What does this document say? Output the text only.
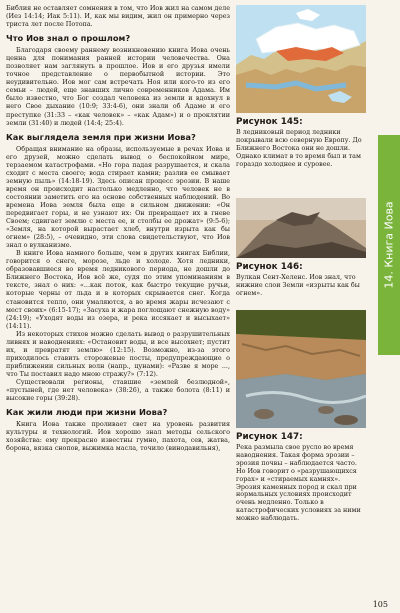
Библия не оставляет сомнения в том, что Иов жил на самом деле (Иез 14:14; Иак 5:11). И, как мы видим, жил он примерно через триста лет после Потопа.

Что Иов знал о прошлом?

Благодаря своему раннему возникновению книга Иова очень ценна для понимания ранней истории человечества. Она позволяет нам заглянуть в прошлое. Иов и его друзья имели точное представление о первобытной истории. Это неудивительно. Иов мог сам встречать Ноя или кого-то из его семьи – людей, еще знавших лично современников Адама. Им было известно, что Бог создал человека из земли и вдохнул в него Свое дыхание (10:9; 33:4-6), они знали об Адаме и его преступке (31:33 – «как человек» – «как Адам») и о проклятии земли (31:40) и людей (14:4; 25:4).

Как выглядела земля при жизни Иова?

Обращая внимание на образы, используемые в речах Иова и его друзей, можно сделать вывод о беспокойном мире, терзаемом катастрофами. «Но гора падая разрушается, и скала сходит с места своего; вода стирает камни; разлив ее смывает земную пыль» (14:18-19). Здесь описан процесс эрозии. В наше время он происходит настолько медленно, что человек не в состоянии заметить его на основе собственных наблюдений. Во времена Иова земля была еще в сильном движении: «Он передвигает горы, и не узнают их: Он превращает их в гневе Своем; сдвигает землю с места ее, и столбы ее дрожат» (9:5-6); «Земля, на которой вырастает хлеб, внутри изрыта как бы огнем» (28:5), – очевидно, эти слова свидетельствуют, что Иов знал о вулканизме.

В книге Иова намного больше, чем в других книгах Библии, говорится о снеге, морозе, льде и холоде. Хотя ледники, образовавшиеся во время ледникового периода, не дошли до Ближнего Востока, Иов всё же, судя по этим упоминаниям в тексте, знал о них: «...как поток, как быстро текущие ручьи, которые черны от льда и в которых скрывается снег. Когда становится тепло, они умаляются, а во время жары исчезают с мест своих» (6:15-17); «Засуха и жара поглощают снежную воду» (24:19); «Уходят воды из озера, и река иссякает и высыхает» (14:11).

Из некоторых стихов можно сделать вывод о разрушительных ливнях и наводнениях: «Остановит воды, и все высохнет; пустит их, и превратят землю» (12:15). Возможно, из-за этого приходилось ставить сторожевые посты, предупреждающие о приближении сильных волн (напр., цунами): «Разве я море ..., что Ты поставил надо мною стражу?» (7:12).

Существовали регионы, ставшие «землей безлюдной», «пустыней, где нет человека» (38:26), а также болота (8:11) и высокие горы (39:28).

Как жили люди при жизни Иова?

Книга Иова также проливает свет на уровень развития культуры и технологий. Иов хорошо знал методы сельского хозяйства: ему прекрасно известны гумно, пахота, сев, жатва, борона, вязка снопов, выжимка масла, точило (винодавильня),

Рисунок 145:

В ледниковый период ледники покрывали всю северную Европу. До Ближнего Востока они не дошли. Однако климат в то время был и там гораздо холоднее и суровее.

Рисунок 146:

Вулкан Сент-Хеленс. Иов знал, что нижние слои Земли «изрыты как бы огнем».

Рисунок 147:

Река размыла свое русло во время наводнения. Такая форма эрозии – эрозия почвы – наблюдается часто. Но Иов говорит о «разрушающихся горах» и «стираемых камнях». Эрозия каменных пород и скал при нормальных условиях происходит очень медленно. Только в катастрофических условиях за ними можно наблюдать.

14. Книга Иова
105
